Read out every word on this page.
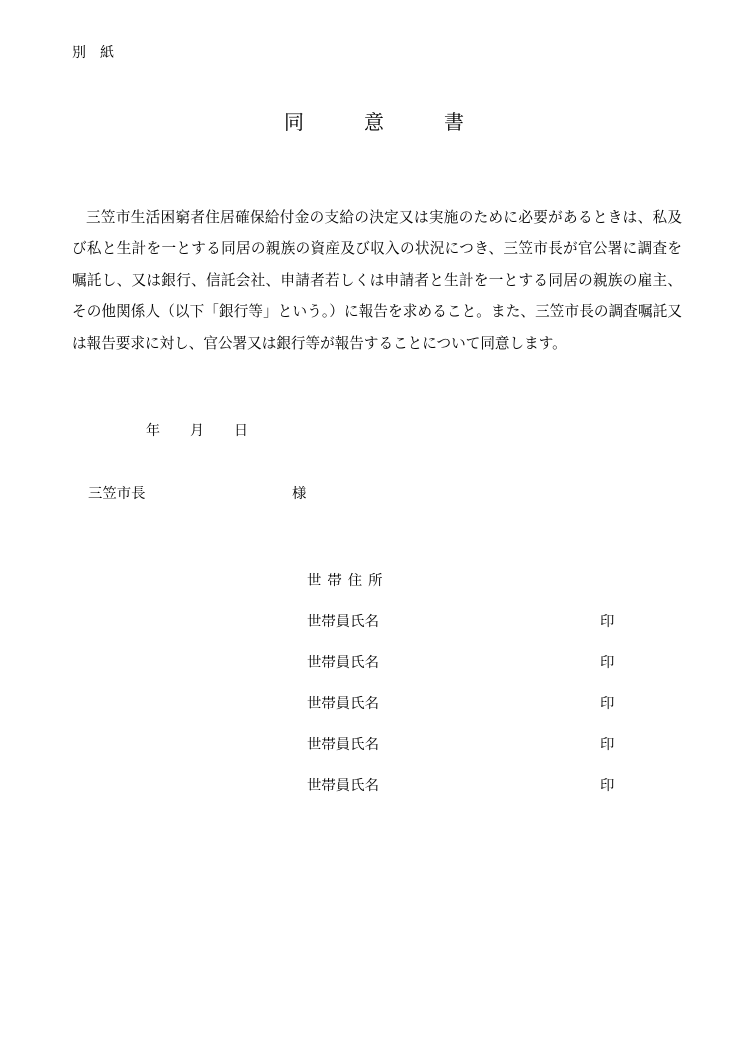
別紙
同	意	書
三笠市生活困窮者住居確保給付金の支給の決定又は実施のために必要があるときは、私及び私と生計を一とする同居の親族の資産及び収入の状況につき、三笠市長が官公署に調査を嘱託し、又は銀行、信託会社、申請者若しくは申請者と生計を一とする同居の親族の雇主、その他関係人（以下「銀行等」という。）に報告を求めること。また、三笠市長の調査嘱託又は報告要求に対し、官公署又は銀行等が報告することについて同意します。
年 月 日
三笠市長	様
世帯住所
世帯員氏名	印
世帯員氏名	印
世帯員氏名	印
世帯員氏名	印
世帯員氏名	印
